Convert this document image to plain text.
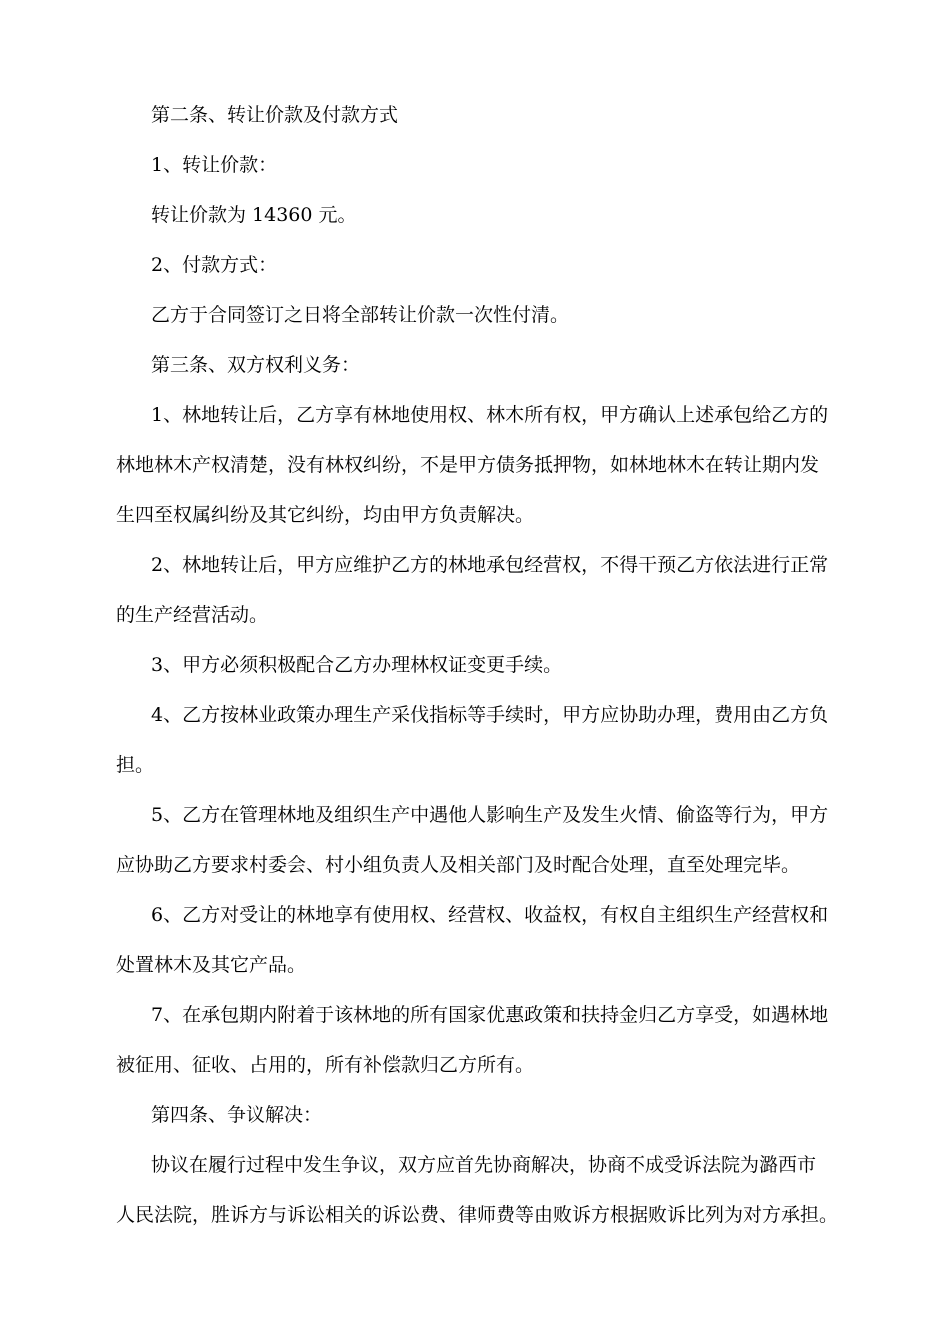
第二条、转让价款及付款方式
1、转让价款：
转让价款为 14360 元。
2、付款方式：
乙方于合同签订之日将全部转让价款一次性付清。
第三条、双方权利义务：
1、林地转让后，乙方享有林地使用权、林木所有权，甲方确认上述承包给乙方的
林地林木产权清楚，没有林权纠纷，不是甲方债务抵押物，如林地林木在转让期内发
生四至权属纠纷及其它纠纷，均由甲方负责解决。
2、林地转让后，甲方应维护乙方的林地承包经营权，不得干预乙方依法进行正常
的生产经营活动。
3、甲方必须积极配合乙方办理林权证变更手续。
4、乙方按林业政策办理生产采伐指标等手续时，甲方应协助办理，费用由乙方负
担。
5、乙方在管理林地及组织生产中遇他人影响生产及发生火情、偷盗等行为，甲方
应协助乙方要求村委会、村小组负责人及相关部门及时配合处理，直至处理完毕。
6、乙方对受让的林地享有使用权、经营权、收益权，有权自主组织生产经营权和
处置林木及其它产品。
7、在承包期内附着于该林地的所有国家优惠政策和扶持金归乙方享受，如遇林地
被征用、征收、占用的，所有补偿款归乙方所有。
第四条、争议解决：
协议在履行过程中发生争议，双方应首先协商解决，协商不成受诉法院为潞西市
人民法院，胜诉方与诉讼相关的诉讼费、律师费等由败诉方根据败诉比列为对方承担。
